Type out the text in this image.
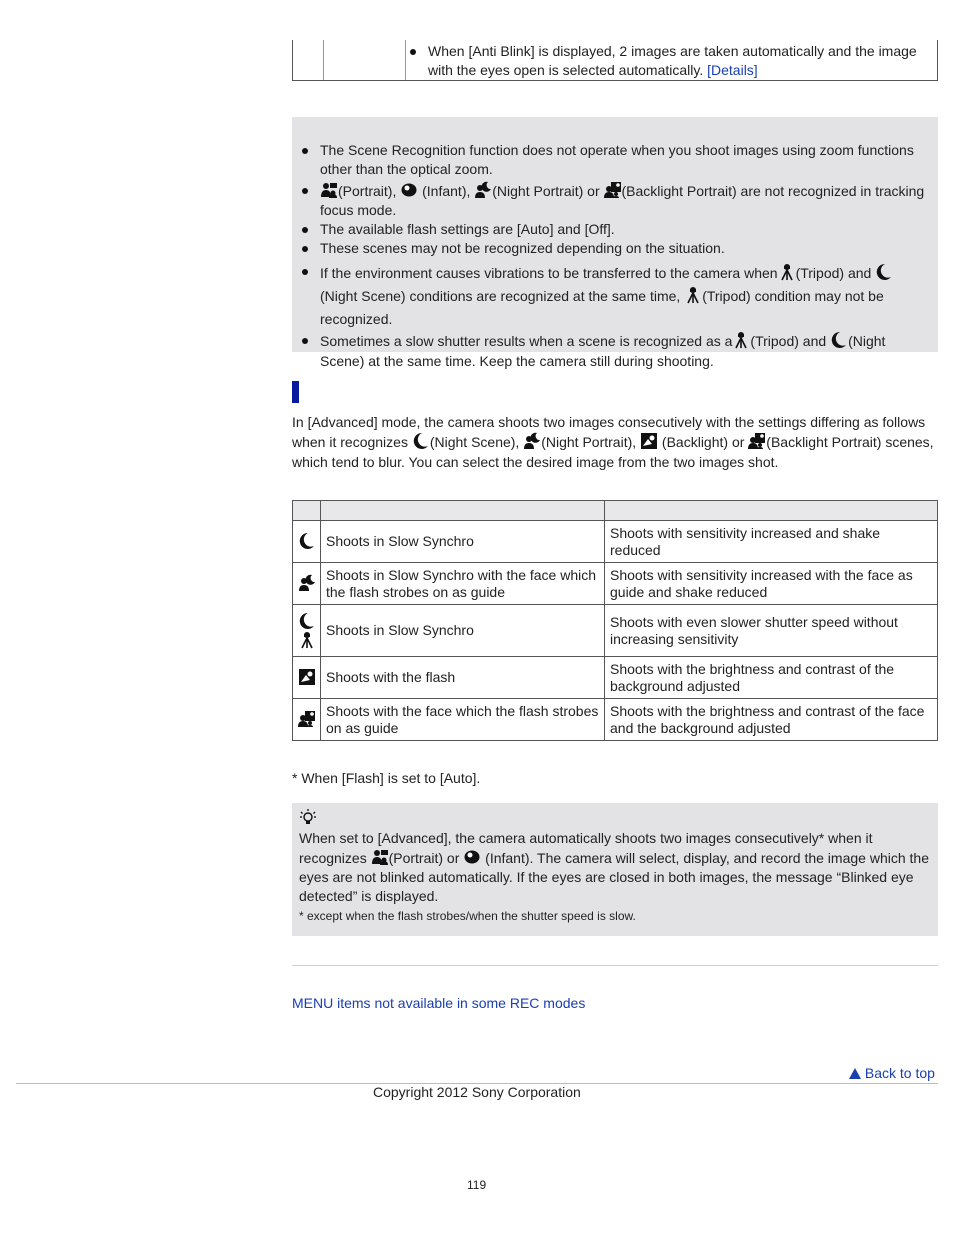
When [Anti Blink] is displayed, 2 images are taken automatically and the image with the eyes open is selected automatically. [Details]
The Scene Recognition function does not operate when you shoot images using zoom functions other than the optical zoom.
(Portrait), (Infant), (Night Portrait) or (Backlight Portrait) are not recognized in tracking focus mode.
The available flash settings are [Auto] and [Off].
These scenes may not be recognized depending on the situation.
If the environment causes vibrations to be transferred to the camera when (Tripod) and (Night Scene) conditions are recognized at the same time, (Tripod) condition may not be recognized.
Sometimes a slow shutter results when a scene is recognized as a (Tripod) and (Night Scene) at the same time. Keep the camera still during shooting.
In [Advanced] mode, the camera shoots two images consecutively with the settings differing as follows when it recognizes (Night Scene), (Night Portrait), (Backlight) or (Backlight Portrait) scenes, which tend to blur. You can select the desired image from the two images shot.

	Shoots in Slow Synchro	Shoots with sensitivity increased and shake reduced
	Shoots in Slow Synchro with the face which the flash strobes on as guide	Shoots with sensitivity increased with the face as guide and shake reduced

	Shoots in Slow Synchro	Shoots with even slower shutter speed without increasing sensitivity
	Shoots with the flash	Shoots with the brightness and contrast of the background adjusted
	Shoots with the face which the flash strobes on as guide	Shoots with the brightness and contrast of the face and the background adjusted
* When [Flash] is set to [Auto].
When set to [Advanced], the camera automatically shoots two images consecutively* when it recognizes (Portrait) or (Infant). The camera will select, display, and record the image which the eyes are not blinked automatically. If the eyes are closed in both images, the message “Blinked eye detected” is displayed.
* except when the flash strobes/when the shutter speed is slow.
MENU items not available in some REC modes
Back to top
Copyright 2012 Sony Corporation
119
